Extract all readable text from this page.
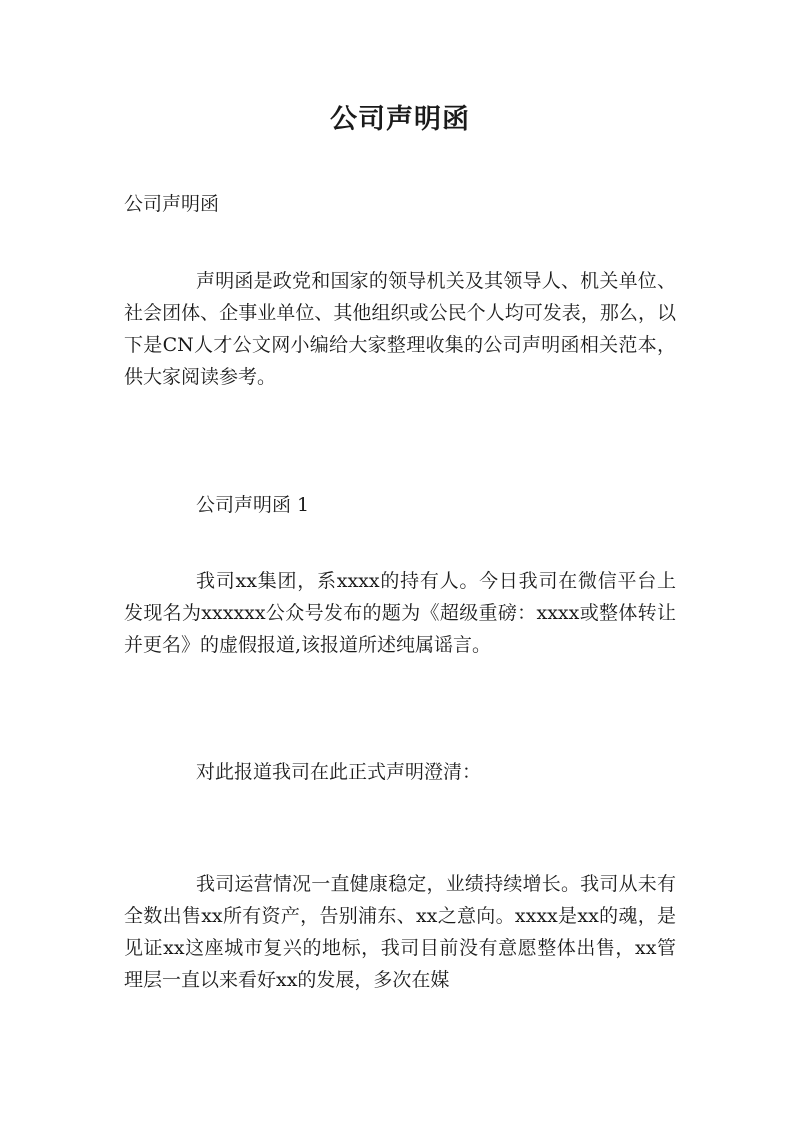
公司声明函
公司声明函
声明函是政党和国家的领导机关及其领导人、机关单位、社会团体、企事业单位、其他组织或公民个人均可发表，那么，以下是CN人才公文网小编给大家整理收集的公司声明函相关范本，供大家阅读参考。
公司声明函 1
我司xx集团，系xxxx的持有人。今日我司在微信平台上发现名为xxxxxx公众号发布的题为《超级重磅：xxxx或整体转让并更名》的虚假报道,该报道所述纯属谣言。
对此报道我司在此正式声明澄清：
我司运营情况一直健康稳定，业绩持续增长。我司从未有全数出售xx所有资产，告别浦东、xx之意向。xxxx是xx的魂，是见证xx这座城市复兴的地标，我司目前没有意愿整体出售，xx管理层一直以来看好xx的发展，多次在媒
